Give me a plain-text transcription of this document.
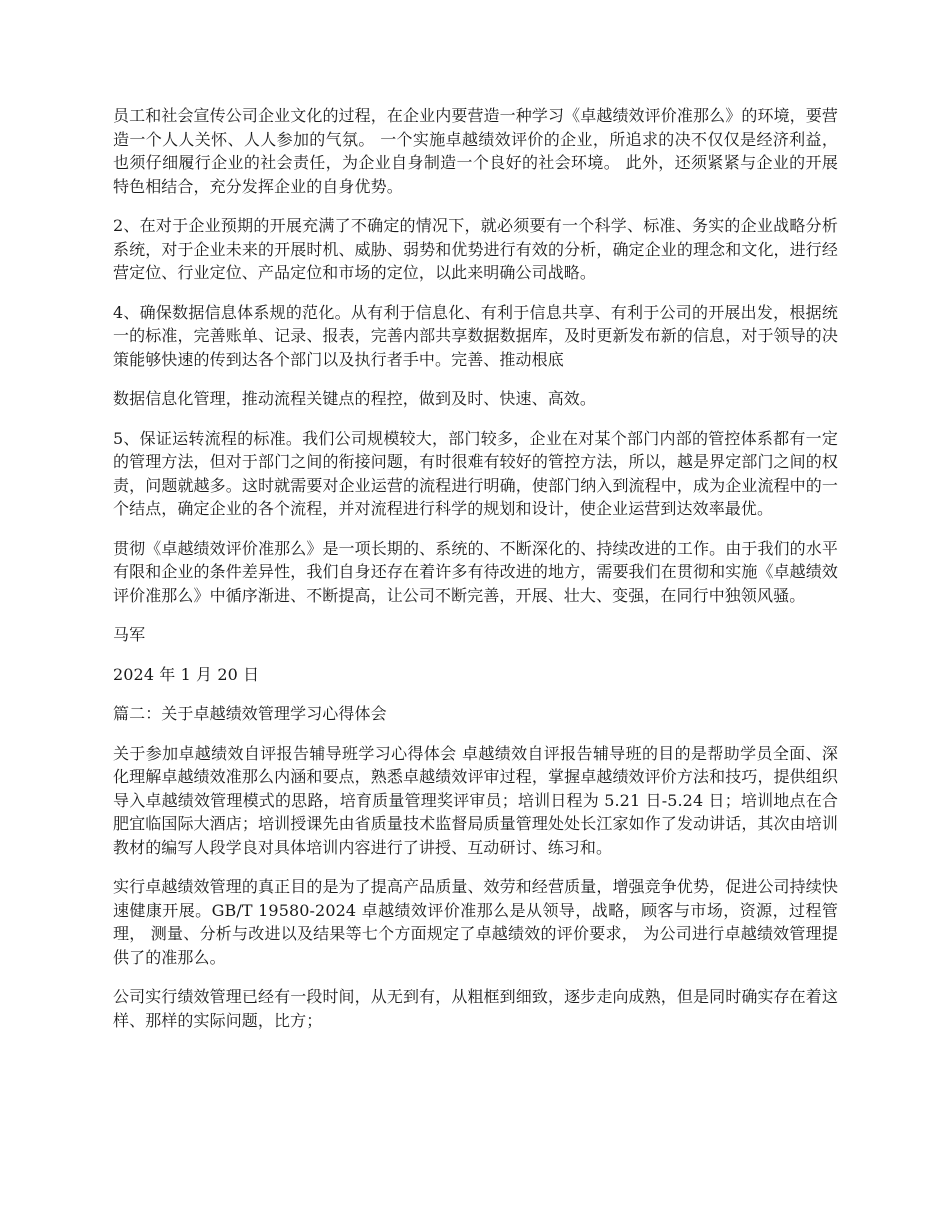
员工和社会宣传公司企业文化的过程，在企业内要营造一种学习《卓越绩效评价准那么》的环境，要营造一个人人关怀、人人参加的气氛。 一个实施卓越绩效评价的企业，所追求的决不仅仅是经济利益，也须仔细履行企业的社会责任，为企业自身制造一个良好的社会环境。 此外，还须紧紧与企业的开展特色相结合，充分发挥企业的自身优势。

2、在对于企业预期的开展充满了不确定的情况下，就必须要有一个科学、标准、务实的企业战略分析系统，对于企业未来的开展时机、威胁、弱势和优势进行有效的分析，确定企业的理念和文化，进行经营定位、行业定位、产品定位和市场的定位，以此来明确公司战略。

4、确保数据信息体系规的范化。从有利于信息化、有利于信息共享、有利于公司的开展出发，根据统一的标准，完善账单、记录、报表，完善内部共享数据数据库，及时更新发布新的信息，对于领导的决策能够快速的传到达各个部门以及执行者手中。完善、推动根底

数据信息化管理，推动流程关键点的程控，做到及时、快速、高效。

5、保证运转流程的标准。我们公司规模较大，部门较多，企业在对某个部门内部的管控体系都有一定的管理方法，但对于部门之间的衔接问题，有时很难有较好的管控方法，所以，越是界定部门之间的权责，问题就越多。这时就需要对企业运营的流程进行明确，使部门纳入到流程中，成为企业流程中的一个结点，确定企业的各个流程，并对流程进行科学的规划和设计，使企业运营到达效率最优。

贯彻《卓越绩效评价准那么》是一项长期的、系统的、不断深化的、持续改进的工作。由于我们的水平有限和企业的条件差异性，我们自身还存在着许多有待改进的地方，需要我们在贯彻和实施《卓越绩效评价准那么》中循序渐进、不断提高，让公司不断完善，开展、壮大、变强，在同行中独领风骚。

马军

2024 年 1 月 20 日

篇二：关于卓越绩效管理学习心得体会

关于参加卓越绩效自评报告辅导班学习心得体会 卓越绩效自评报告辅导班的目的是帮助学员全面、深化理解卓越绩效准那么内涵和要点，熟悉卓越绩效评审过程，掌握卓越绩效评价方法和技巧，提供组织导入卓越绩效管理模式的思路，培育质量管理奖评审员；培训日程为 5.21 日-5.24 日；培训地点在合肥宜临国际大酒店；培训授课先由省质量技术监督局质量管理处处长江家如作了发动讲话，其次由培训教材的编写人段学良对具体培训内容进行了讲授、互动研讨、练习和。

实行卓越绩效管理的真正目的是为了提高产品质量、效劳和经营质量，增强竞争优势，促进公司持续快速健康开展。GB/T 19580-2024 卓越绩效评价准那么是从领导，战略，顾客与市场，资源，过程管理， 测量、分析与改进以及结果等七个方面规定了卓越绩效的评价要求， 为公司进行卓越绩效管理提供了的准那么。

公司实行绩效管理已经有一段时间，从无到有，从粗框到细致，逐步走向成熟，但是同时确实存在着这样、那样的实际问题，比方；
